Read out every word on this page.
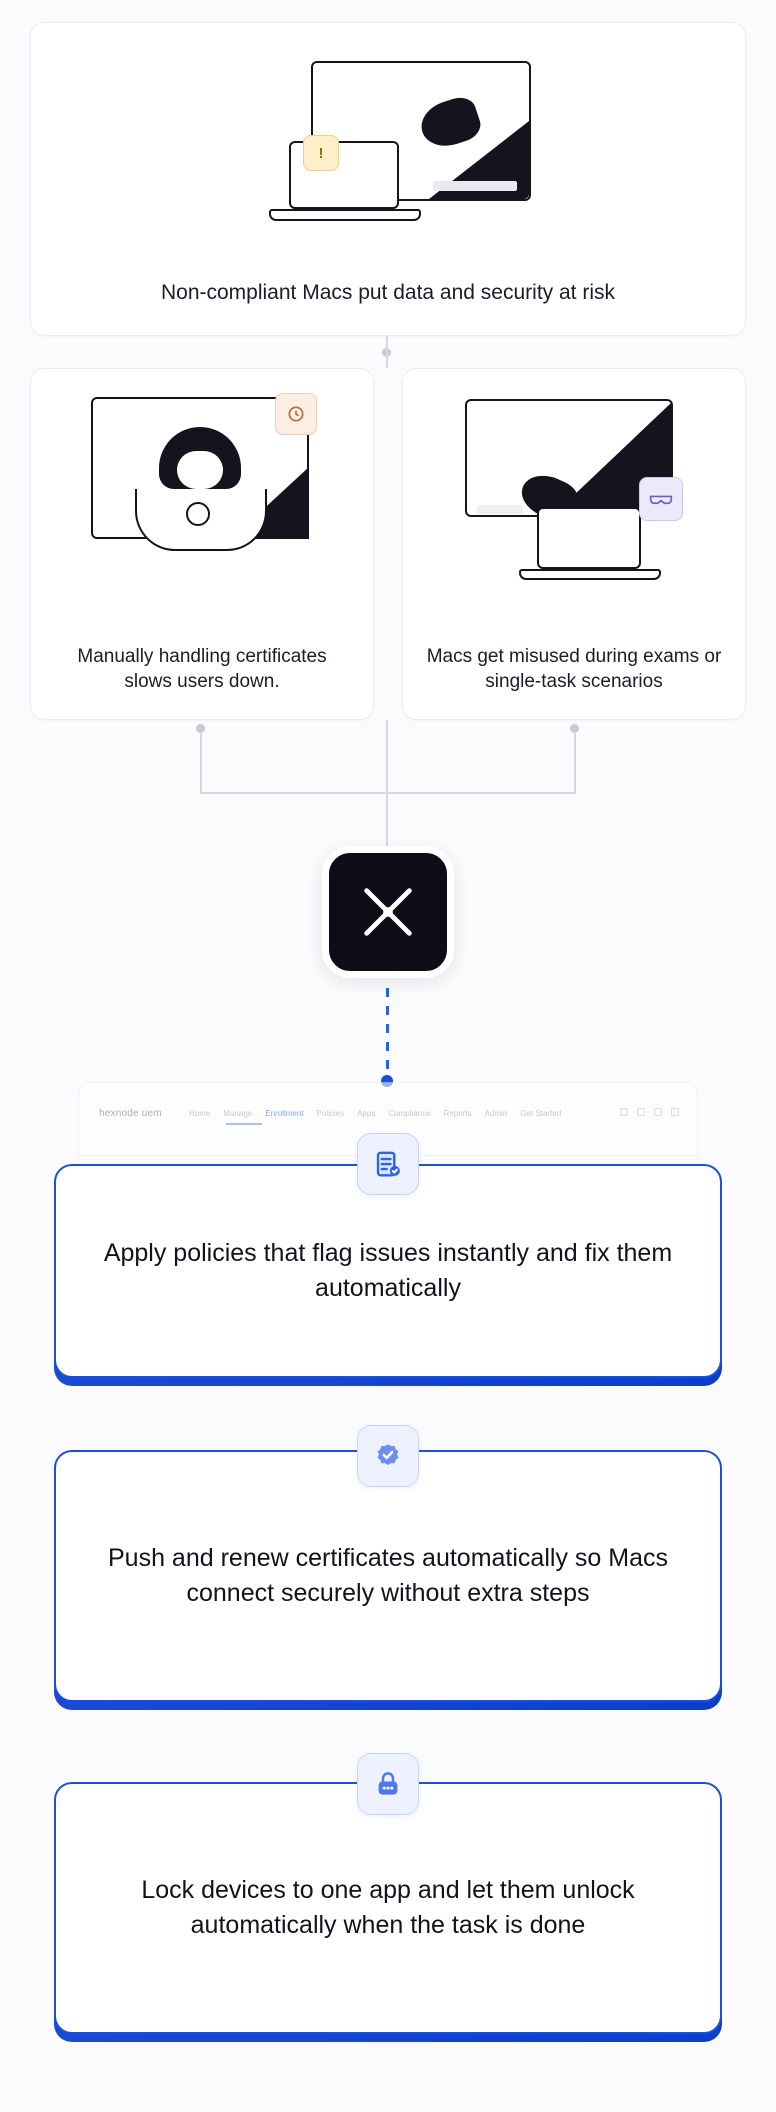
!
Non-compliant Macs put data and security at risk
Manually handling certificates slows users down.
Macs get misused during exams or single-task scenarios
hexnode uem	Home Manage Enrollment Policies Apps Compliance Reports Admin Get Started
Apply policies that flag issues instantly and fix them automatically
Push and renew certificates automatically so Macs connect securely without extra steps
Lock devices to one app and let them unlock automatically when the task is done
